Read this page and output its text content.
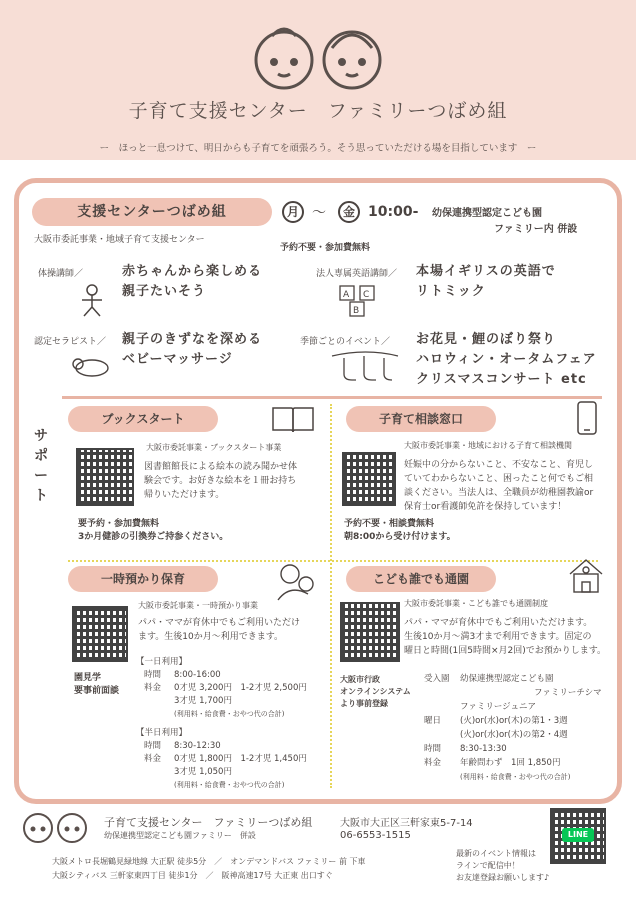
子育て支援センター　ファミリーつばめ組
ー　ほっと一息つけて、明日からも子育てを頑張ろう。そう思っていただける場を目指しています　ー
支援センターつばめ組
大阪市委託事業・地域子育て支援センター
月 〜	金 10:00-
予約不要・参加費無料
幼保連携型認定こども園
ファミリー内 併設
体操講師／	赤ちゃんから楽しめる
親子たいそう
法人専属英語講師／ 本場イギリスの英語で
リトミック
A C
B
認定セラピスト／ 親子のきずなを深める
ベビーマッサージ
季節ごとのイベント／ お花見・鯉のぼり祭り
ハロウィン・オータムフェア
クリスマスコンサート etc
サポート
ブックスタート
大阪市委託事業・ブックスタート事業
図書館館長による絵本の読み聞かせ体
験会です。お好きな絵本を１冊お持ち
帰りいただけます。
要予約・参加費無料
3か月健診の引換券ご持参ください。
子育て相談窓口
大阪市委託事業・地域における子育て相談機関
妊娠中の分からないこと、不安なこと、育児し
ていてわからないこと、困ったこと何でもご相
談ください。当法人は、全職員が幼稚園教諭or
保育士or看護師免許を保持しています！
予約不要・相談費無料
朝8:00から受け付けます。
一時預かり保育
大阪市委託事業・一時預かり事業
パパ・ママが育休中でもご利用いただけ
ます。生後10か月〜利用できます。
園見学
要事前面談
【一日利用】
時間 8:00-16:00
料金 0才児 3,200円　1-2才児 2,500円
3才児 1,700円
(利用料・給食費・おやつ代の合計)
【半日利用】
時間 8:30-12:30
料金 0才児 1,800円　1-2才児 1,450円
3才児 1,050円
(利用料・給食費・おやつ代の合計)
こども誰でも通園
大阪市委託事業・こども誰でも通園制度
パパ・ママが育休中でもご利用いただけます。
生後10か月〜満3才まで利用できます。固定の
曜日と時間(1回5時間×月2回)でお預かりします。
大阪市行政
オンラインシステム
より事前登録
受入園 幼保連携型認定こども園
ファミリーチシマ
ファミリージュニア
曜日 (火)or(水)or(木)の第1・3週
(火)or(水)or(木)の第2・4週
時間 8:30-13:30
料金 年齢問わず　1回 1,850円
(利用料・給食費・おやつ代の合計)
子育て支援センター　ファミリーつばめ組
幼保連携型認定こども園ファミリー　併設
大阪市大正区三軒家東5-7-14
06-6553-1515
大阪メトロ長堀鶴見緑地線 大正駅 徒歩5分　／　オンデマンドバス ファミリー 前 下車
大阪シティバス 三軒家東四丁目 徒歩1分　／　阪神高速17号 大正東 出口すぐ
最新のイベント情報は
ラインで配信中！
お友達登録お願いします♪
LINE
